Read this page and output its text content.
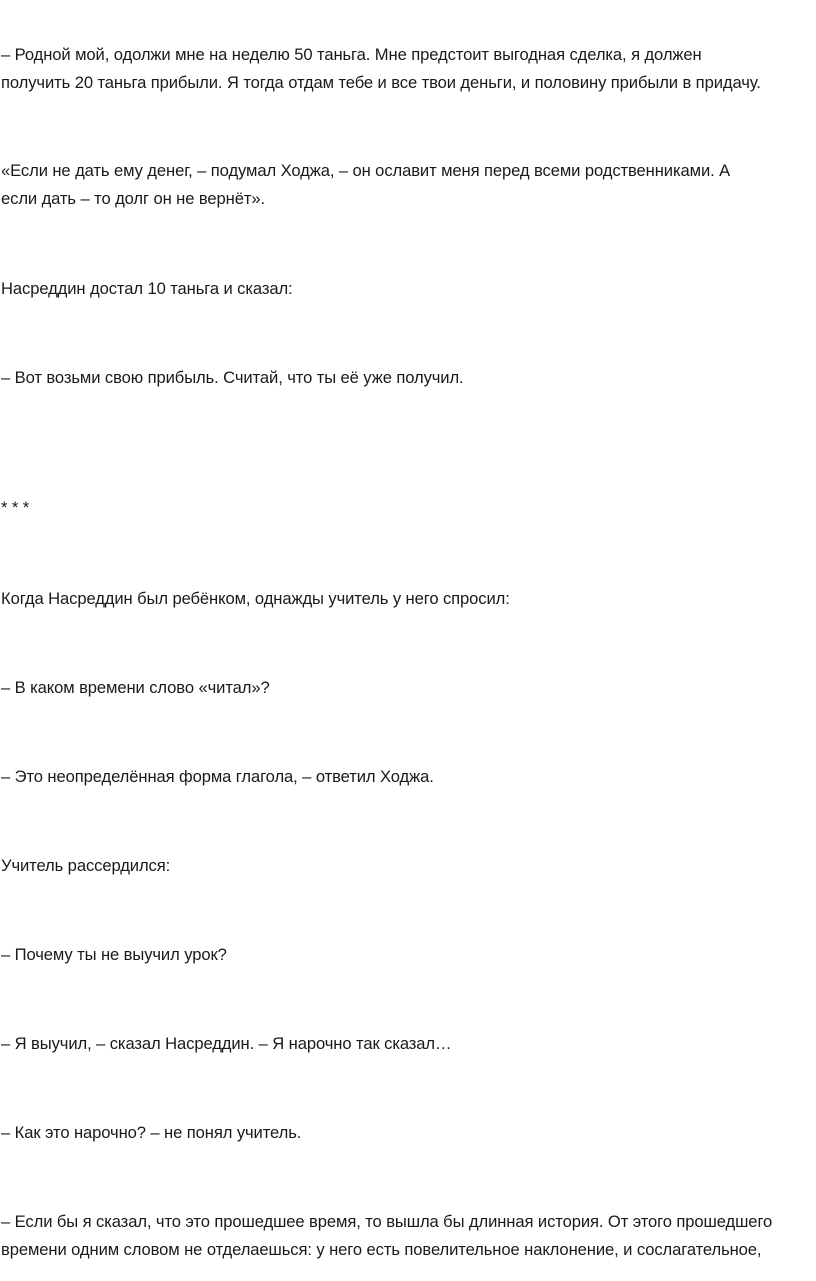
– Родной мой, одолжи мне на неделю 50 таньга. Мне предстоит выгодная сделка, я должен
получить 20 таньга прибыли. Я тогда отдам тебе и все твои деньги, и половину прибыли в придачу.

«Если не дать ему денег, – подумал Ходжа, – он ославит меня перед всеми родственниками. А
если дать – то долг он не вернёт».

Насреддин достал 10 таньга и сказал:

– Вот возьми свою прибыль. Считай, что ты её уже получил.

* * *

Когда Насреддин был ребёнком, однажды учитель у него спросил:

– В каком времени слово «читал»?

– Это неопределённая форма глагола, – ответил Ходжа.

Учитель рассердился:

– Почему ты не выучил урок?

– Я выучил, – сказал Насреддин. – Я нарочно так сказал…

– Как это нарочно? – не понял учитель.

– Если бы я сказал, что это прошедшее время, то вышла бы длинная история. От этого прошедшего
времени одним словом не отделаешься: у него есть повелительное наклонение, и сослагательное,
